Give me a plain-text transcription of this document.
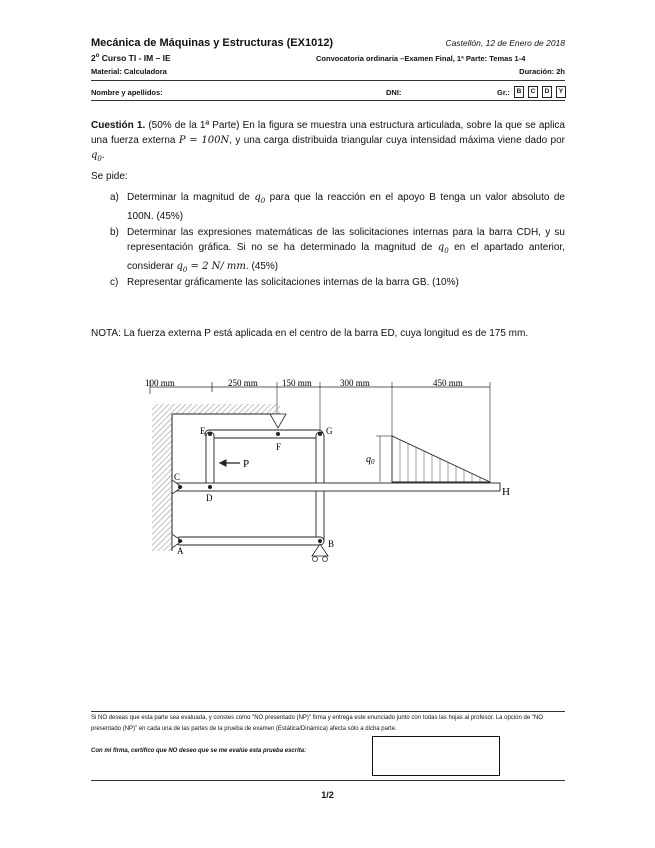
Mecánica de Máquinas y Estructuras (EX1012)	Castellón, 12 de Enero de 2018
2$^o$ Curso TI - IM – IE	Convocatoria ordinaria –Examen Final, 1ª Parte: Temas 1-4
Material: Calculadora	Duración: 2h
Nombre y apellidos:	DNI:	Gr.:	B	C	D	Y
Cuestión 1. (50% de la 1ª Parte) En la figura se muestra una estructura articulada, sobre la que se aplica una fuerza externa P = 100N, y una carga distribuida triangular cuya intensidad máxima viene dado por $q_0$.
Se pide:
a) Determinar la magnitud de $q_0$ para que la reacción en el apoyo B tenga un valor absoluto de 100N. (45%)
b) Determinar las expresiones matemáticas de las solicitaciones internas para la barra CDH, y su representación gráfica. Si no se ha determinado la magnitud de $q_0$ en el apartado anterior, considerar $q_0 = 2$ N/ mm. (45%)
c) Representar gráficamente las solicitaciones internas de la barra GB. (10%)
NOTA: La fuerza externa P está aplicada en el centro de la barra ED, cuya longitud es de 175 mm.
100 mm	250 mm	150 mm	300 mm	450 mm
E
F
G
C
D
P	$q_0$
H
A
B
Si NO deseas que esta parte sea evaluada, y constes como "NO presentado (NP)" firma y entrega este enunciado junto con todas las hojas al profesor. La opción de "NO presentado (NP)" en cada una de las partes de la prueba de examen (Estática/Dinámica) afecta sólo a dicha parte.
Con mi firma, certifico que NO deseo que se me evalúe esta prueba escrita:
1/2
